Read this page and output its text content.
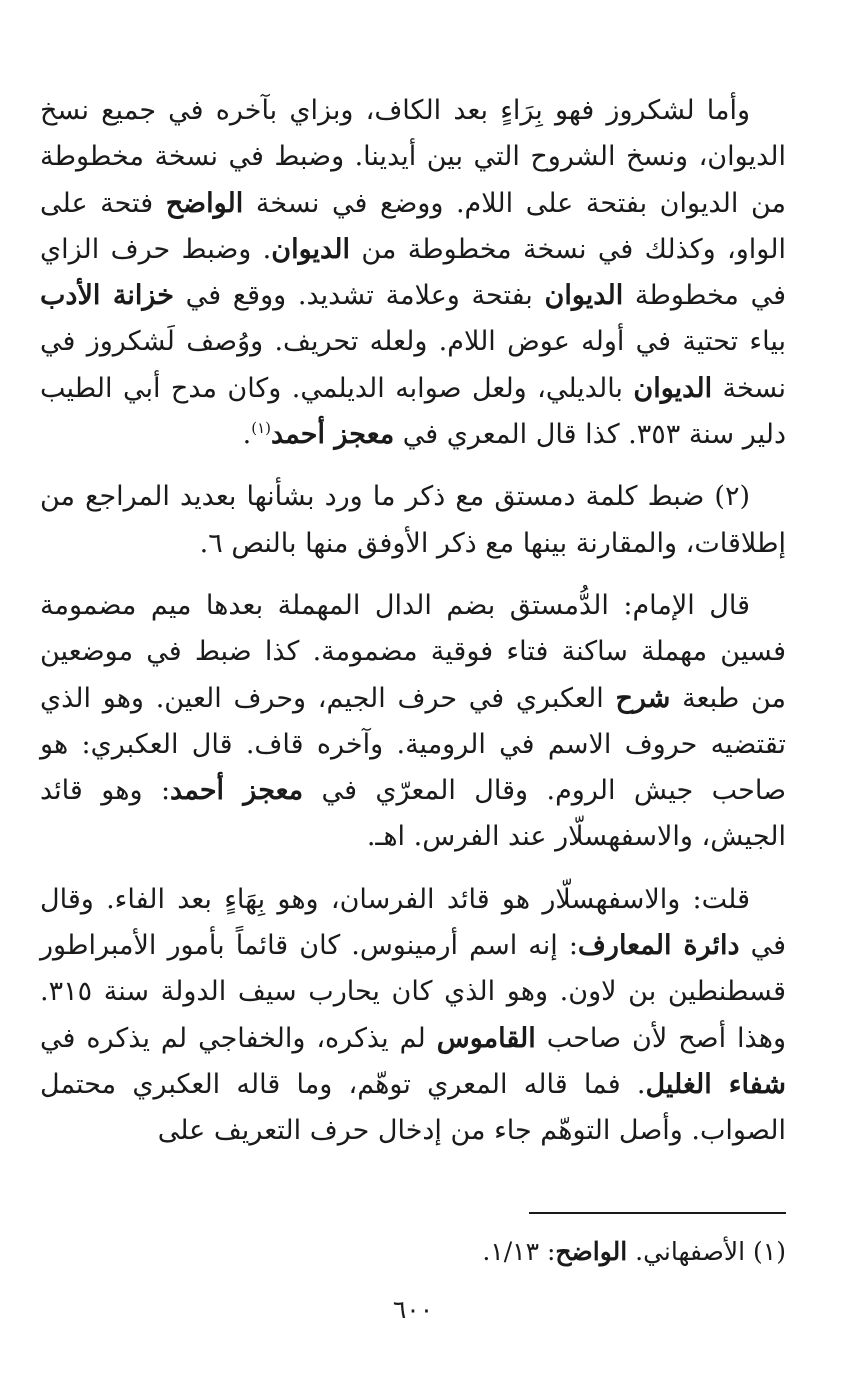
وأما لشكروز فهو بِرَاءٍ بعد الكاف، وبزاي بآخره في جميع نسخ الديوان، ونسخ الشروح التي بين أيدينا. وضبط في نسخة مخطوطة من الديوان بفتحة على اللام. ووضع في نسخة الواضح فتحة على الواو، وكذلك في نسخة مخطوطة من الديوان. وضبط حرف الزاي في مخطوطة الديوان بفتحة وعلامة تشديد. ووقع في خزانة الأدب بياء تحتية في أوله عوض اللام. ولعله تحريف. ووُصف لَشكروز في نسخة الديوان بالديلي، ولعل صوابه الديلمي. وكان مدح أبي الطيب دلير سنة ٣٥٣. كذا قال المعري في معجز أحمد$^{(١)}$.

(٢) ضبط كلمة دمستق مع ذكر ما ورد بشأنها بعديد المراجع من إطلاقات، والمقارنة بينها مع ذكر الأوفق منها بالنص ٦.

قال الإمام: الدُّمستق بضم الدال المهملة بعدها ميم مضمومة فسين مهملة ساكنة فتاء فوقية مضمومة. كذا ضبط في موضعين من طبعة شرح العكبري في حرف الجيم، وحرف العين. وهو الذي تقتضيه حروف الاسم في الرومية. وآخره قاف. قال العكبري: هو صاحب جيش الروم. وقال المعرّي في معجز أحمد: وهو قائد الجيش، والاسفهسلّار عند الفرس. اهـ.

قلت: والاسفهسلّار هو قائد الفرسان، وهو بِهَاءٍ بعد الفاء. وقال في دائرة المعارف: إنه اسم أرمينوس. كان قائماً بأمور الأمبراطور قسطنطين بن لاون. وهو الذي كان يحارب سيف الدولة سنة ٣١٥. وهذا أصح لأن صاحب القاموس لم يذكره، والخفاجي لم يذكره في شفاء الغليل. فما قاله المعري توهّم، وما قاله العكبري محتمل الصواب. وأصل التوهّم جاء من إدخال حرف التعريف على

(١) الأصفهاني. الواضح: ١/١٣.

٦٠٠
